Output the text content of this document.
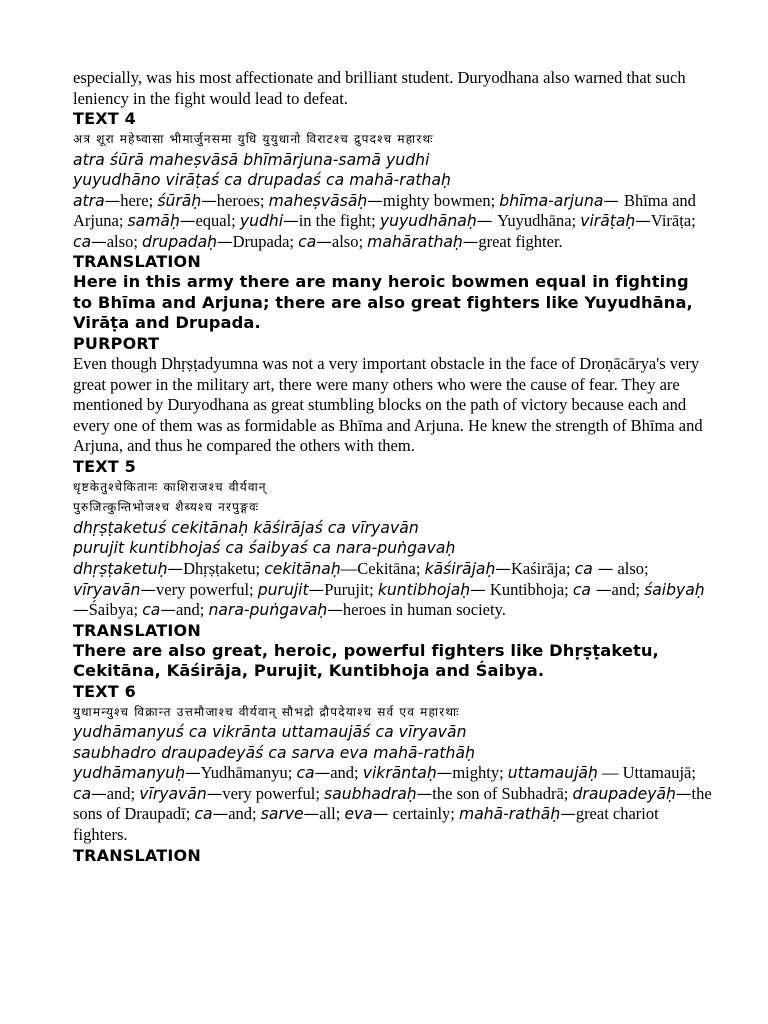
especially, was his most affectionate and brilliant student. Duryodhana also warned that such leniency in the fight would lead to defeat.

TEXT 4
अत्र शूरा महेष्वासा भीमार्जुनसमा युधि युयुधानो विराटश्च द्रुपदश्च महारथः
atra śūrā maheṣvāsā bhīmārjuna-samā yudhi
yuyudhāno virāṭaś ca drupadaś ca mahā-rathaḥ

atra—here; śūrāḥ—heroes; maheṣvāsāḥ—mighty bowmen; bhīma-arjuna— Bhīma and Arjuna; samāḥ—equal; yudhi—in the fight; yuyudhānaḥ— Yuyudhāna; virāṭaḥ—Virāṭa; ca—also; drupadaḥ—Drupada; ca—also; mahārathaḥ—great fighter.

TRANSLATION

Here in this army there are many heroic bowmen equal in fighting to Bhīma and Arjuna; there are also great fighters like Yuyudhāna, Virāṭa and Drupada.

PURPORT

Even though Dhṛṣṭadyumna was not a very important obstacle in the face of Droṇācārya's very great power in the military art, there were many others who were the cause of fear. They are mentioned by Duryodhana as great stumbling blocks on the path of victory because each and every one of them was as formidable as Bhīma and Arjuna. He knew the strength of Bhīma and Arjuna, and thus he compared the others with them.

TEXT 5
धृष्टकेतुश्चेकितानः काशिराजश्च वीर्यवान्
पुरुजित्कुन्तिभोजश्च शैब्यश्च नरपुङ्गवः
dhṛṣṭaketuś cekitānaḥ kāśirājaś ca vīryavān
purujit kuntibhojaś ca śaibyaś ca nara-puṅgavaḥ

dhṛṣṭaketuḥ—Dhṛṣṭaketu; cekitānaḥ—Cekitāna; kāśirājaḥ—Kaśirāja; ca — also; vīryavān—very powerful; purujit—Purujit; kuntibhojaḥ— Kuntibhoja; ca —and; śaibyaḥ—Śaibya; ca—and; nara-puṅgavaḥ—heroes in human society.

TRANSLATION

There are also great, heroic, powerful fighters like Dhṛṣṭaketu, Cekitāna, Kāśirāja, Purujit, Kuntibhoja and Śaibya.

TEXT 6
युधामन्युश्च विक्रान्त उत्तमौजाश्च वीर्यवान् सौभद्रो द्रौपदेयाश्च सर्व एव महारथाः
yudhāmanyuś ca vikrānta uttamaujāś ca vīryavān
saubhadro draupadeyāś ca sarva eva mahā-rathāḥ

yudhāmanyuḥ—Yudhāmanyu; ca—and; vikrāntaḥ—mighty; uttamaujāḥ — Uttamaujā; ca—and; vīryavān—very powerful; saubhadraḥ—the son of Subhadrā; draupadeyāḥ—the sons of Draupadī; ca—and; sarve—all; eva— certainly; mahā-rathāḥ—great chariot fighters.

TRANSLATION
